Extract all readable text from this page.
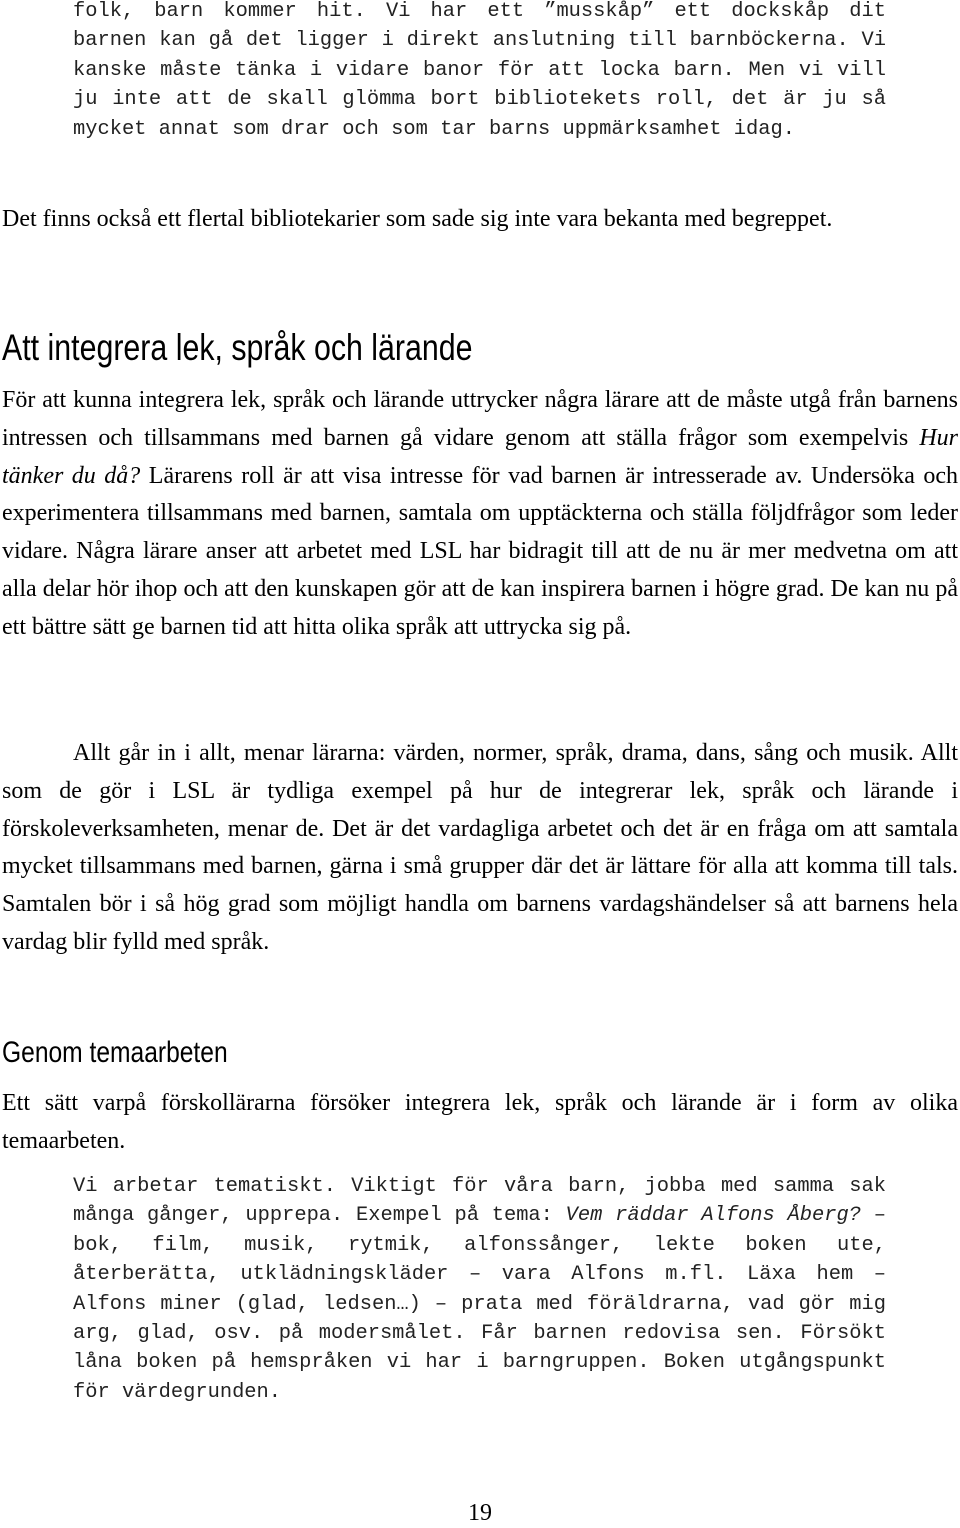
folk, barn kommer hit. Vi har ett ”musskåp” ett dockskåp dit barnen kan gå det ligger i direkt anslutning till barnböckerna. Vi kanske måste tänka i vidare banor för att locka barn. Men vi vill ju inte att de skall glömma bort bibliotekets roll, det är ju så mycket annat som drar och som tar barns uppmärksamhet idag.

Det finns också ett flertal bibliotekarier som sade sig inte vara bekanta med begreppet.

Att integrera lek, språk och lärande

För att kunna integrera lek, språk och lärande uttrycker några lärare att de måste utgå från barnens intressen och tillsammans med barnen gå vidare genom att ställa frågor som exempelvis Hur tänker du då? Lärarens roll är att visa intresse för vad barnen är intresserade av. Undersöka och experimentera tillsammans med barnen, samtala om upptäckterna och ställa följdfrågor som leder vidare. Några lärare anser att arbetet med LSL har bidragit till att de nu är mer medvetna om att alla delar hör ihop och att den kunskapen gör att de kan inspirera barnen i högre grad. De kan nu på ett bättre sätt ge barnen tid att hitta olika språk att uttrycka sig på.

Allt går in i allt, menar lärarna: värden, normer, språk, drama, dans, sång och musik. Allt som de gör i LSL är tydliga exempel på hur de integrerar lek, språk och lärande i förskoleverksamheten, menar de. Det är det vardagliga arbetet och det är en fråga om att samtala mycket tillsammans med barnen, gärna i små grupper där det är lättare för alla att komma till tals. Samtalen bör i så hög grad som möjligt handla om barnens vardagshändelser så att barnens hela vardag blir fylld med språk.

Genom temaarbeten

Ett sätt varpå förskollärarna försöker integrera lek, språk och lärande är i form av olika temaarbeten.

Vi arbetar tematiskt. Viktigt för våra barn, jobba med samma sak många gånger, upprepa. Exempel på tema: Vem räddar Alfons Åberg? – bok, film, musik, rytmik, alfonssånger, lekte boken ute, återberätta, utklädningskläder – vara Alfons m.fl. Läxa hem – Alfons miner (glad, ledsen…) – prata med föräldrarna, vad gör mig arg, glad, osv. på modersmålet. Får barnen redovisa sen. Försökt låna boken på hemspråken vi har i barngruppen. Boken utgångspunkt för värdegrunden.

19
